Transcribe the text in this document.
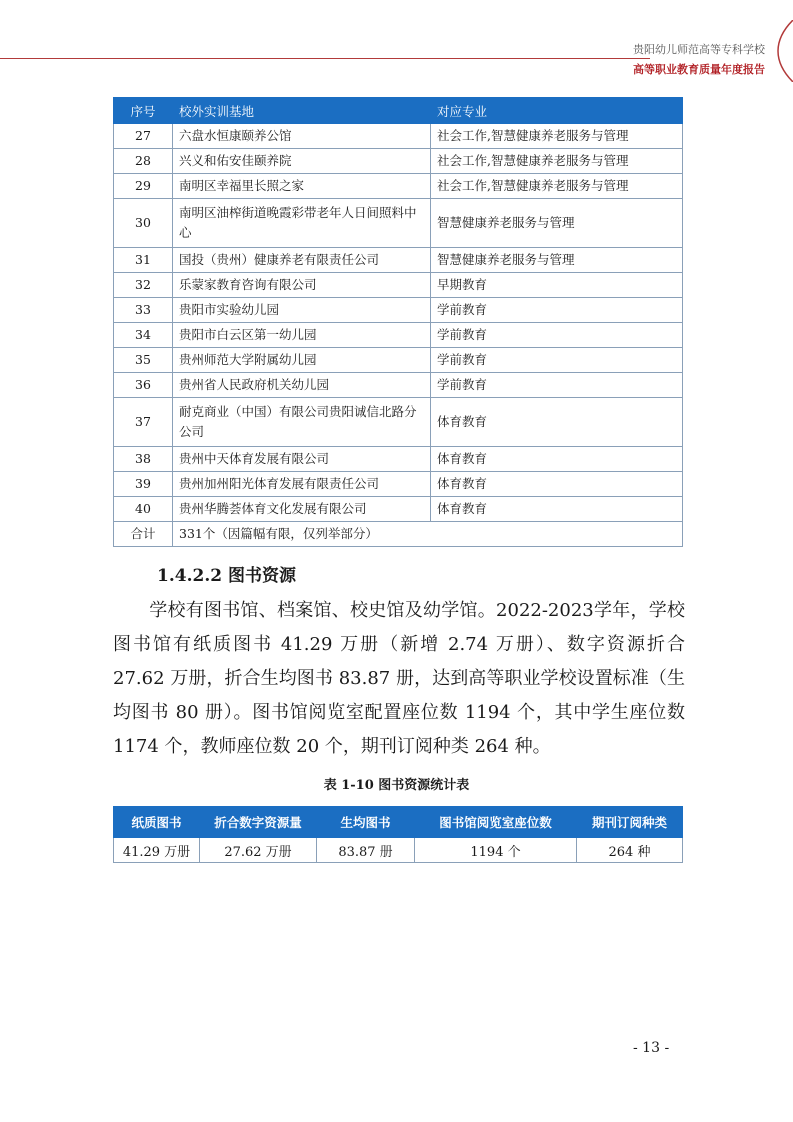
贵阳幼儿师范高等专科学校
高等职业教育质量年度报告
序号	校外实训基地	对应专业
27	六盘水恒康颐养公馆	社会工作,智慧健康养老服务与管理
28	兴义和佑安佳颐养院	社会工作,智慧健康养老服务与管理
29	南明区幸福里长照之家	社会工作,智慧健康养老服务与管理
30	南明区油榨街道晚霞彩带老年人日间照料中心	智慧健康养老服务与管理
31	国投（贵州）健康养老有限责任公司	智慧健康养老服务与管理
32	乐蒙家教育咨询有限公司	早期教育
33	贵阳市实验幼儿园	学前教育
34	贵阳市白云区第一幼儿园	学前教育
35	贵州师范大学附属幼儿园	学前教育
36	贵州省人民政府机关幼儿园	学前教育
37	耐克商业（中国）有限公司贵阳诚信北路分公司	体育教育
38	贵州中天体育发展有限公司	体育教育
39	贵州加州阳光体育发展有限责任公司	体育教育
40	贵州华腾荟体育文化发展有限公司	体育教育
合计	331个（因篇幅有限，仅列举部分）	
1.4.2.2 图书资源
学校有图书馆、档案馆、校史馆及幼学馆。2022-2023学年，学校图书馆有纸质图书 41.29 万册（新增 2.74 万册）、数字资源折合 27.62 万册，折合生均图书 83.87 册，达到高等职业学校设置标准（生均图书 80 册）。图书馆阅览室配置座位数 1194 个，其中学生座位数 1174 个，教师座位数 20 个，期刊订阅种类 264 种。
表 1-10 图书资源统计表
纸质图书	折合数字资源量	生均图书	图书馆阅览室座位数	期刊订阅种类
41.29 万册	27.62 万册	83.87 册	1194 个	264 种
- 13 -
